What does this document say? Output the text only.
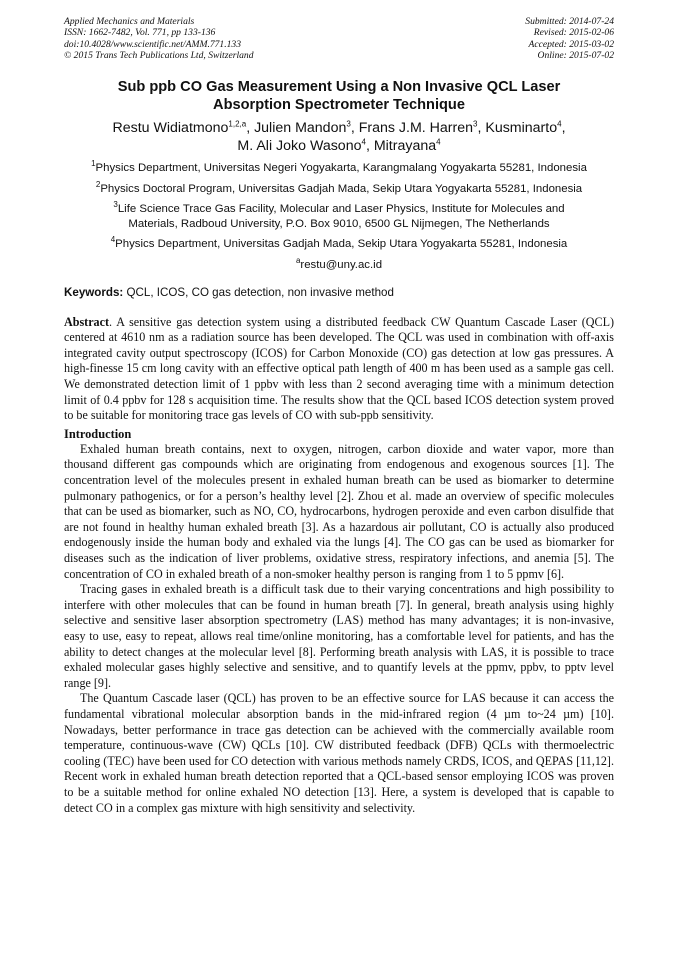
Applied Mechanics and Materials
ISSN: 1662-7482, Vol. 771, pp 133-136
doi:10.4028/www.scientific.net/AMM.771.133
© 2015 Trans Tech Publications Ltd, Switzerland
Submitted: 2014-07-24
Revised: 2015-02-06
Accepted: 2015-03-02
Online: 2015-07-02
Sub ppb CO Gas Measurement Using a Non Invasive QCL Laser
Absorption Spectrometer Technique
Restu Widiatmono$^{1,2,a}$, Julien Mandon$^3$, Frans J.M. Harren$^3$, Kusminarto$^4$,
M. Ali Joko Wasono$^4$, Mitrayana$^4$
$^1$Physics Department, Universitas Negeri Yogyakarta, Karangmalang Yogyakarta 55281, Indonesia
$^2$Physics Doctoral Program, Universitas Gadjah Mada, Sekip Utara Yogyakarta 55281, Indonesia
$^3$Life Science Trace Gas Facility, Molecular and Laser Physics, Institute for Molecules and
Materials, Radboud University, P.O. Box 9010, 6500 GL Nijmegen, The Netherlands
$^4$Physics Department, Universitas Gadjah Mada, Sekip Utara Yogyakarta 55281, Indonesia
$^a$restu@uny.ac.id
Keywords: QCL, ICOS, CO gas detection, non invasive method
Abstract. A sensitive gas detection system using a distributed feedback CW Quantum Cascade Laser (QCL) centered at 4610 nm as a radiation source has been developed. The QCL was used in combination with off-axis integrated cavity output spectroscopy (ICOS) for Carbon Monoxide (CO) gas detection at low gas pressures. A high-finesse 15 cm long cavity with an effective optical path length of 400 m has been used as a sample gas cell. We demonstrated detection limit of 1 ppbv with less than 2 second averaging time with a minimum detection limit of 0.4 ppbv for 128 s acquisition time. The results show that the QCL based ICOS detection system proved to be suitable for monitoring trace gas levels of CO with sub-ppb sensitivity.
Introduction

Exhaled human breath contains, next to oxygen, nitrogen, carbon dioxide and water vapor, more than thousand different gas compounds which are originating from endogenous and exogenous sources [1]. The concentration level of the molecules present in exhaled human breath can be used as biomarker to determine pulmonary pathogenics, or for a person’s healthy level [2]. Zhou et al. made an overview of specific molecules that can be used as biomarker, such as NO, CO, hydrocarbons, hydrogen peroxide and even carbon disulfide that are not found in healthy human exhaled breath [3]. As a hazardous air pollutant, CO is actually also produced endogenously inside the human body and exhaled via the lungs [4]. The CO gas can be used as biomarker for diseases such as the indication of liver problems, oxidative stress, respiratory infections, and anemia [5]. The concentration of CO in exhaled breath of a non-smoker healthy person is ranging from 1 to 5 ppmv [6].

Tracing gases in exhaled breath is a difficult task due to their varying concentrations and high possibility to interfere with other molecules that can be found in human breath [7]. In general, breath analysis using highly selective and sensitive laser absorption spectrometry (LAS) method has many advantages; it is non-invasive, easy to use, easy to repeat, allows real time/online monitoring, has a comfortable level for patients, and has the ability to detect changes at the molecular level [8]. Performing breath analysis with LAS, it is possible to trace exhaled molecular gases highly selective and sensitive, and to quantify levels at the ppmv, ppbv, to pptv level range [9].

The Quantum Cascade laser (QCL) has proven to be an effective source for LAS because it can access the fundamental vibrational molecular absorption bands in the mid-infrared region (4 µm to~24 µm) [10]. Nowadays, better performance in trace gas detection can be achieved with the commercially available room temperature, continuous-wave (CW) QCLs [10]. CW distributed feedback (DFB) QCLs with thermoelectric cooling (TEC) have been used for CO detection with various methods namely CRDS, ICOS, and QEPAS [11,12]. Recent work in exhaled human breath detection reported that a QCL-based sensor employing ICOS was proven to be a suitable method for online exhaled NO detection [13]. Here, a system is developed that is capable to detect CO in a complex gas mixture with high sensitivity and selectivity.
